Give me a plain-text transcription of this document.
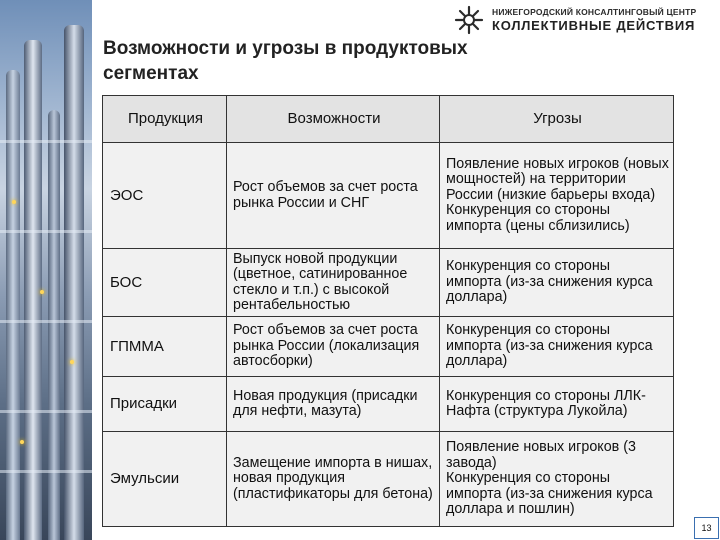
НИЖЕГОРОДСКИЙ КОНСАЛТИНГОВЫЙ ЦЕНТР
КОЛЛЕКТИВНЫЕ ДЕЙСТВИЯ
Возможности и угрозы в продуктовых
сегментах
Продукция	Возможности	Угрозы
ЭОС	Рост объемов за счет роста рынка России и СНГ	Появление новых игроков (новых мощностей) на территории России (низкие барьеры входа)
Конкуренция со стороны импорта (цены сблизились)

БОС	Выпуск новой продукции (цветное, сатинированное стекло и т.п.) с высокой рентабельностью	Конкуренция со стороны импорта (из-за снижения курса доллара)

ГПММА	Рост объемов за счет роста рынка России (локализация автосборки)	Конкуренция со стороны импорта (из-за снижения курса доллара)

Присадки	Новая продукция (присадки для нефти, мазута)	Конкуренция со стороны ЛЛК-Нафта (структура Лукойла)

Эмульсии	Замещение импорта в нишах, новая продукция (пластификаторы для бетона)	Появление новых игроков (3 завода)
Конкуренция со стороны импорта (из-за снижения курса доллара и пошлин)
13
